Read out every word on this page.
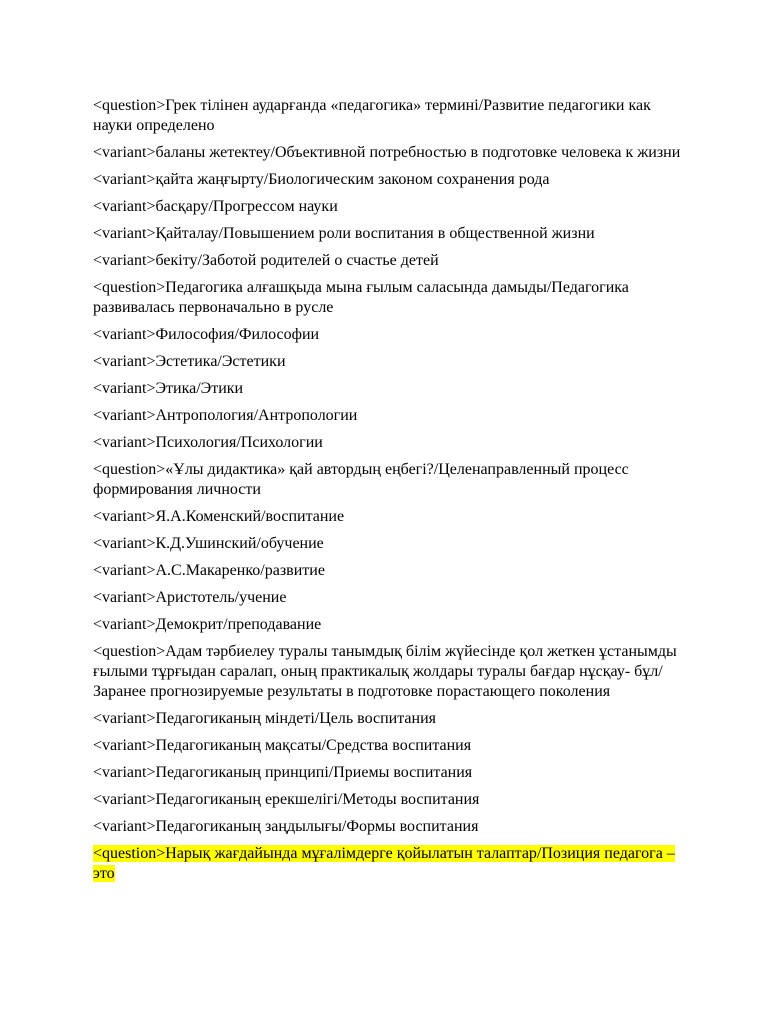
<question>Грек тілінен аударғанда «педагогика» термині/Развитие педагогики как науки определено

<variant>баланы жетектеу/Объективной потребностью в подготовке человека к жизни

<variant>қайта жаңғырту/Биологическим законом сохранения рода

<variant>басқару/Прогрессом науки

<variant>Қайталау/Повышением роли воспитания в общественной жизни

<variant>бекіту/Заботой родителей о счастье детей

<question>Педагогика алғашқыда мына ғылым саласында дамыды/Педагогика развивалась первоначально в русле

<variant>Философия/Философии

<variant>Эстетика/Эстетики

<variant>Этика/Этики

<variant>Антропология/Антропологии

<variant>Психология/Психологии

<question>«Ұлы дидактика» қай автордың еңбегі?/Целенаправленный процесс формирования личности

<variant>Я.А.Коменский/воспитание

<variant>К.Д.Ушинский/обучение

<variant>А.С.Макаренко/развитие

<variant>Аристотель/учение

<variant>Демокрит/преподавание

<question>Адам тәрбиелеу туралы танымдық білім жүйесінде қол жеткен ұстанымды ғылыми тұрғыдан саралап, оның практикалық жолдары туралы бағдар нұсқау- бұл/Заранее прогнозируемые результаты в подготовке порастающего поколения

<variant>Педагогиканың міндеті/Цель воспитания

<variant>Педагогиканың мақсаты/Средства воспитания

<variant>Педагогиканың принципі/Приемы воспитания

<variant>Педагогиканың ерекшелігі/Методы воспитания

<variant>Педагогиканың заңдылығы/Формы воспитания

<question>Нарық жағдайында мұғалімдерге қойылатын талаптар/Позиция педагога – это
